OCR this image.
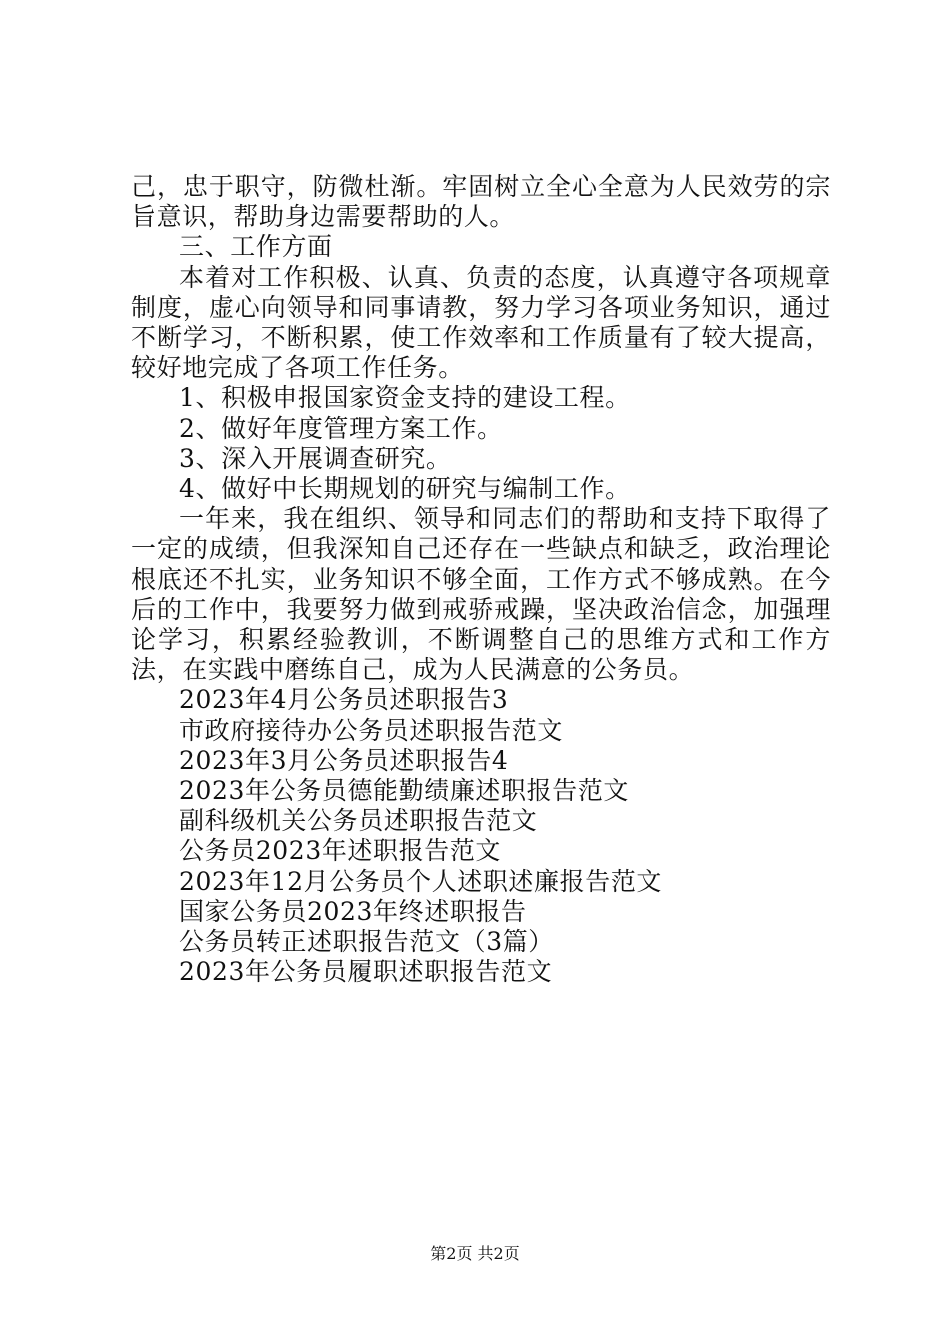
己，忠于职守，防微杜渐。牢固树立全心全意为人民效劳的宗旨意识，帮助身边需要帮助的人。

三、工作方面

本着对工作积极、认真、负责的态度，认真遵守各项规章制度，虚心向领导和同事请教，努力学习各项业务知识，通过不断学习，不断积累，使工作效率和工作质量有了较大提高，较好地完成了各项工作任务。

1、积极申报国家资金支持的建设工程。

2、做好年度管理方案工作。

3、深入开展调查研究。

4、做好中长期规划的研究与编制工作。

一年来，我在组织、领导和同志们的帮助和支持下取得了一定的成绩，但我深知自己还存在一些缺点和缺乏，政治理论根底还不扎实，业务知识不够全面，工作方式不够成熟。在今后的工作中，我要努力做到戒骄戒躁，坚决政治信念，加强理论学习，积累经验教训，不断调整自己的思维方式和工作方法，在实践中磨练自己，成为人民满意的公务员。

2023年4月公务员述职报告3
市政府接待办公务员述职报告范文
2023年3月公务员述职报告4
2023年公务员德能勤绩廉述职报告范文
副科级机关公务员述职报告范文
公务员2023年述职报告范文
2023年12月公务员个人述职述廉报告范文
国家公务员2023年终述职报告
公务员转正述职报告范文（3篇）
2023年公务员履职述职报告范文
第2页 共2页
